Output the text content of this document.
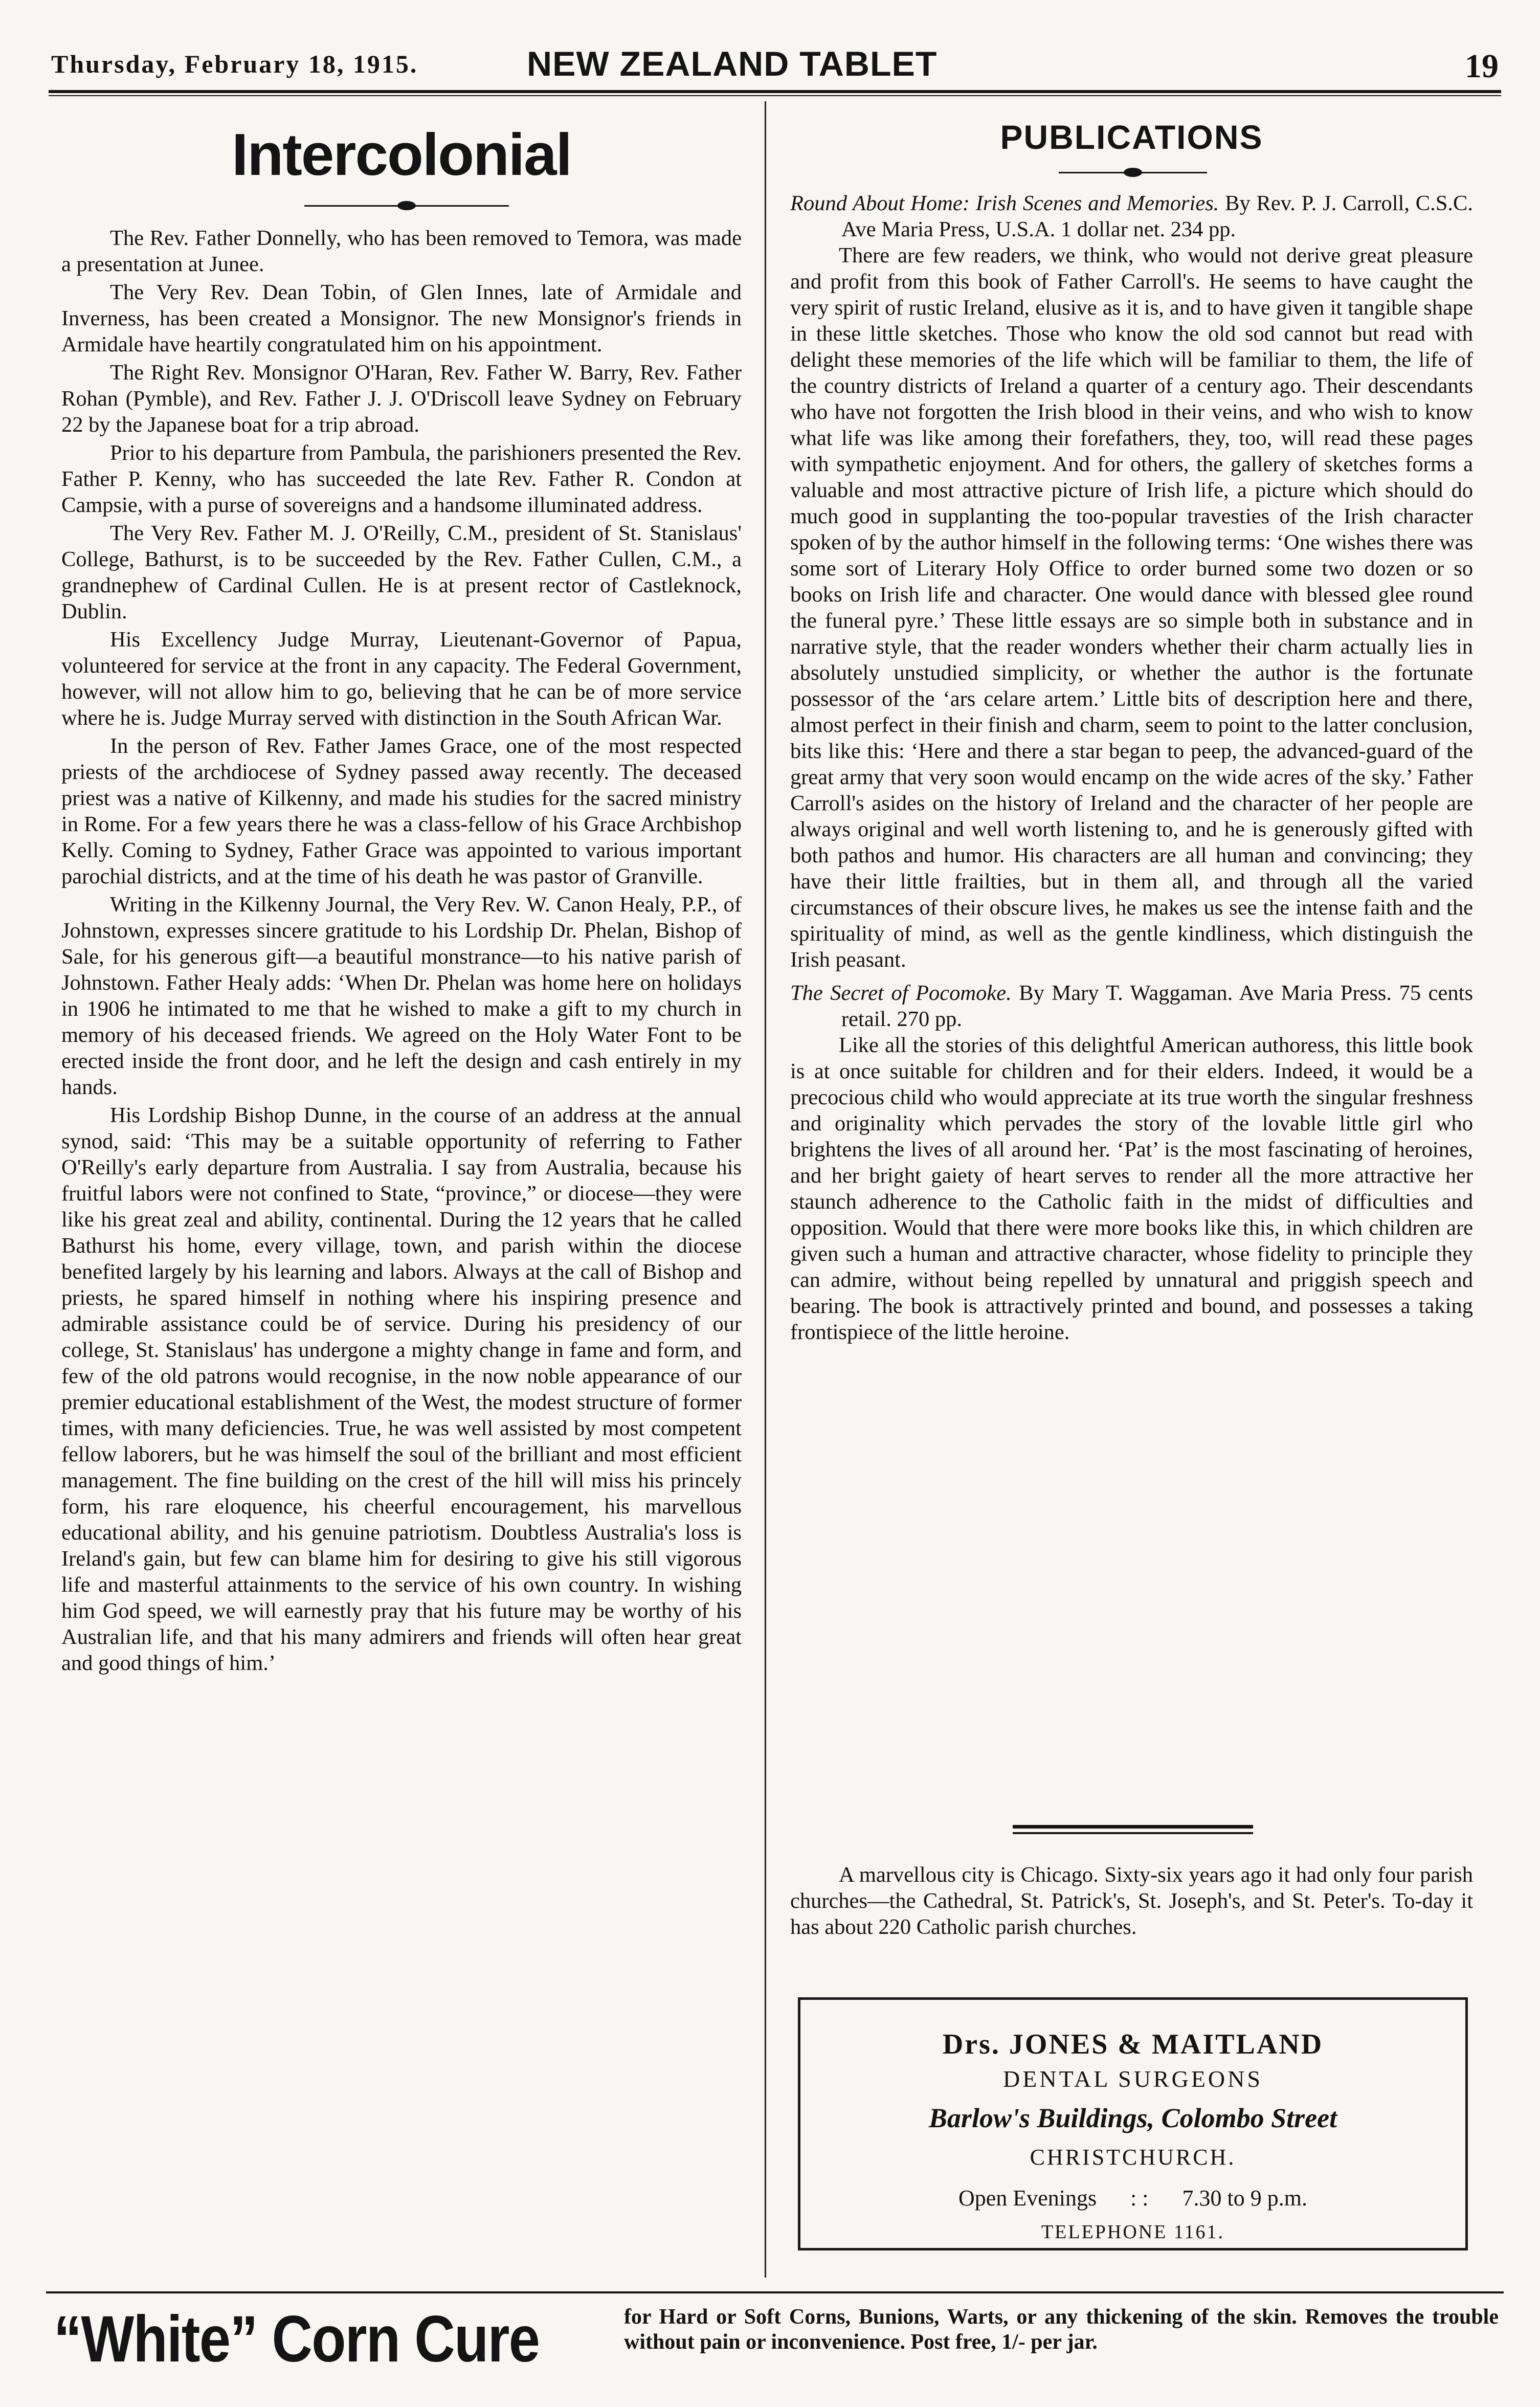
Thursday, February 18, 1915.	NEW ZEALAND TABLET	19
Intercolonial

The Rev. Father Donnelly, who has been removed to Temora, was made a presentation at Junee.

The Very Rev. Dean Tobin, of Glen Innes, late of Armidale and Inverness, has been created a Monsignor. The new Monsignor's friends in Armidale have heartily congratulated him on his appointment.

The Right Rev. Monsignor O'Haran, Rev. Father W. Barry, Rev. Father Rohan (Pymble), and Rev. Father J. J. O'Driscoll leave Sydney on February 22 by the Japanese boat for a trip abroad.

Prior to his departure from Pambula, the parishioners presented the Rev. Father P. Kenny, who has succeeded the late Rev. Father R. Condon at Campsie, with a purse of sovereigns and a handsome illuminated address.

The Very Rev. Father M. J. O'Reilly, C.M., president of St. Stanislaus' College, Bathurst, is to be succeeded by the Rev. Father Cullen, C.M., a grandnephew of Cardinal Cullen. He is at present rector of Castleknock, Dublin.

His Excellency Judge Murray, Lieutenant-Governor of Papua, volunteered for service at the front in any capacity. The Federal Government, however, will not allow him to go, believing that he can be of more service where he is. Judge Murray served with distinction in the South African War.

In the person of Rev. Father James Grace, one of the most respected priests of the archdiocese of Sydney passed away recently. The deceased priest was a native of Kilkenny, and made his studies for the sacred ministry in Rome. For a few years there he was a class-fellow of his Grace Archbishop Kelly. Coming to Sydney, Father Grace was appointed to various important parochial districts, and at the time of his death he was pastor of Granville.

Writing in the Kilkenny Journal, the Very Rev. W. Canon Healy, P.P., of Johnstown, expresses sincere gratitude to his Lordship Dr. Phelan, Bishop of Sale, for his generous gift—a beautiful monstrance—to his native parish of Johnstown. Father Healy adds: ‘When Dr. Phelan was home here on holidays in 1906 he intimated to me that he wished to make a gift to my church in memory of his deceased friends. We agreed on the Holy Water Font to be erected inside the front door, and he left the design and cash entirely in my hands.

His Lordship Bishop Dunne, in the course of an address at the annual synod, said: ‘This may be a suitable opportunity of referring to Father O'Reilly's early departure from Australia. I say from Australia, because his fruitful labors were not confined to State, “province,” or diocese—they were like his great zeal and ability, continental. During the 12 years that he called Bathurst his home, every village, town, and parish within the diocese benefited largely by his learning and labors. Always at the call of Bishop and priests, he spared himself in nothing where his inspiring presence and admirable assistance could be of service. During his presidency of our college, St. Stanislaus' has undergone a mighty change in fame and form, and few of the old patrons would recognise, in the now noble appearance of our premier educational establishment of the West, the modest structure of former times, with many deficiencies. True, he was well assisted by most competent fellow laborers, but he was himself the soul of the brilliant and most efficient management. The fine building on the crest of the hill will miss his princely form, his rare eloquence, his cheerful encouragement, his marvellous educational ability, and his genuine patriotism. Doubtless Australia's loss is Ireland's gain, but few can blame him for desiring to give his still vigorous life and masterful attainments to the service of his own country. In wishing him God speed, we will earnestly pray that his future may be worthy of his Australian life, and that his many admirers and friends will often hear great and good things of him.’

PUBLICATIONS

Round About Home: Irish Scenes and Memories. By Rev. P. J. Carroll, C.S.C. Ave Maria Press, U.S.A. 1 dollar net. 234 pp.

There are few readers, we think, who would not derive great pleasure and profit from this book of Father Carroll's. He seems to have caught the very spirit of rustic Ireland, elusive as it is, and to have given it tangible shape in these little sketches. Those who know the old sod cannot but read with delight these memories of the life which will be familiar to them, the life of the country districts of Ireland a quarter of a century ago. Their descendants who have not forgotten the Irish blood in their veins, and who wish to know what life was like among their forefathers, they, too, will read these pages with sympathetic enjoyment. And for others, the gallery of sketches forms a valuable and most attractive picture of Irish life, a picture which should do much good in supplanting the too-popular travesties of the Irish character spoken of by the author himself in the following terms: ‘One wishes there was some sort of Literary Holy Office to order burned some two dozen or so books on Irish life and character. One would dance with blessed glee round the funeral pyre.’ These little essays are so simple both in substance and in narrative style, that the reader wonders whether their charm actually lies in absolutely unstudied simplicity, or whether the author is the fortunate possessor of the ‘ars celare artem.’ Little bits of description here and there, almost perfect in their finish and charm, seem to point to the latter conclusion, bits like this: ‘Here and there a star began to peep, the advanced-guard of the great army that very soon would encamp on the wide acres of the sky.’ Father Carroll's asides on the history of Ireland and the character of her people are always original and well worth listening to, and he is generously gifted with both pathos and humor. His characters are all human and convincing; they have their little frailties, but in them all, and through all the varied circumstances of their obscure lives, he makes us see the intense faith and the spirituality of mind, as well as the gentle kindliness, which distinguish the Irish peasant.

The Secret of Pocomoke. By Mary T. Waggaman. Ave Maria Press. 75 cents retail. 270 pp.

Like all the stories of this delightful American authoress, this little book is at once suitable for children and for their elders. Indeed, it would be a precocious child who would appreciate at its true worth the singular freshness and originality which pervades the story of the lovable little girl who brightens the lives of all around her. ‘Pat’ is the most fascinating of heroines, and her bright gaiety of heart serves to render all the more attractive her staunch adherence to the Catholic faith in the midst of difficulties and opposition. Would that there were more books like this, in which children are given such a human and attractive character, whose fidelity to principle they can admire, without being repelled by unnatural and priggish speech and bearing. The book is attractively printed and bound, and possesses a taking frontispiece of the little heroine.

A marvellous city is Chicago. Sixty-six years ago it had only four parish churches—the Cathedral, St. Patrick's, St. Joseph's, and St. Peter's. To-day it has about 220 Catholic parish churches.

Drs. JONES & MAITLAND
DENTAL SURGEONS
Barlow's Buildings, Colombo Street
CHRISTCHURCH.
Open Evenings      : :      7.30 to 9 p.m.
TELEPHONE 1161.
“White” Corn Cure	for Hard or Soft Corns, Bunions, Warts, or any thickening of the skin. Removes the trouble without pain or inconvenience. Post free, 1/- per jar.
